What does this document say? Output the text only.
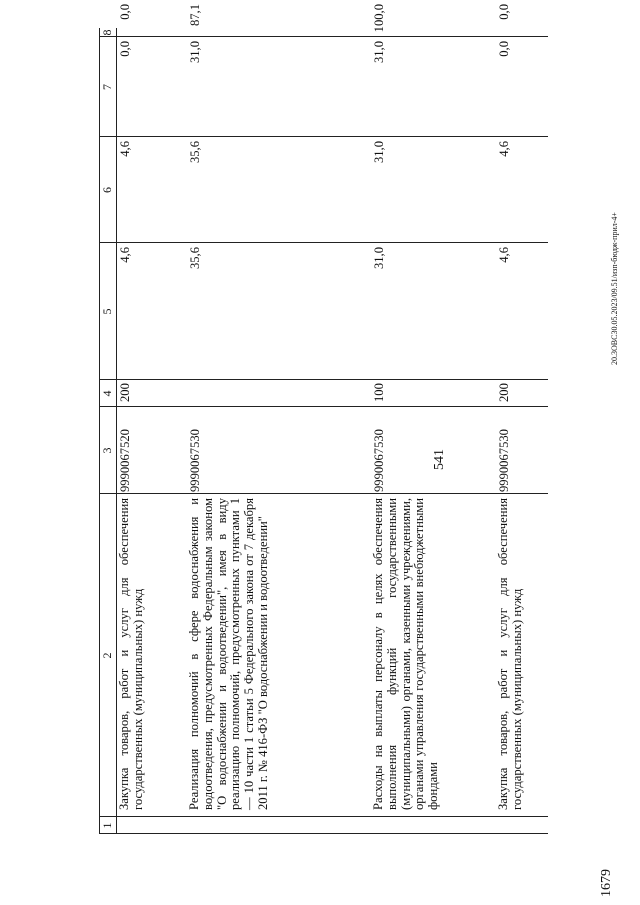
541
1679
20.3ОВС30.05.2023/09.51/изп-бюдж-прил-4+
1
2
3
4
5
6
7
8
Закупка товаров, работ и услуг для обеспечения государственных (муниципальных) нужд
9990067520
200
4,6
4,6
0,0
0,0
Реализация полномочий в сфере водоснабжения и водоотведения, предусмотренных Федеральным законом "О водоснабжении и водоотведении", имея в виду реализацию полномочий, предусмотренных пунктами 1 — 10 части 1 статьи 5 Федерального закона от 7 декабря 2011 г. № 416-ФЗ "О водоснабжении и водоотведении"
9990067530
35,6
35,6
31,0
87,1
Расходы на выплаты персоналу в целях обеспечения выполнения функций государственными (муниципальными) органами, казенными учреждениями, органами управления государственными внебюджетными фондами
9990067530
100
31,0
31,0
31,0
100,0
Закупка товаров, работ и услуг для обеспечения государственных (муниципальных) нужд
9990067530
200
4,6
4,6
0,0
0,0
